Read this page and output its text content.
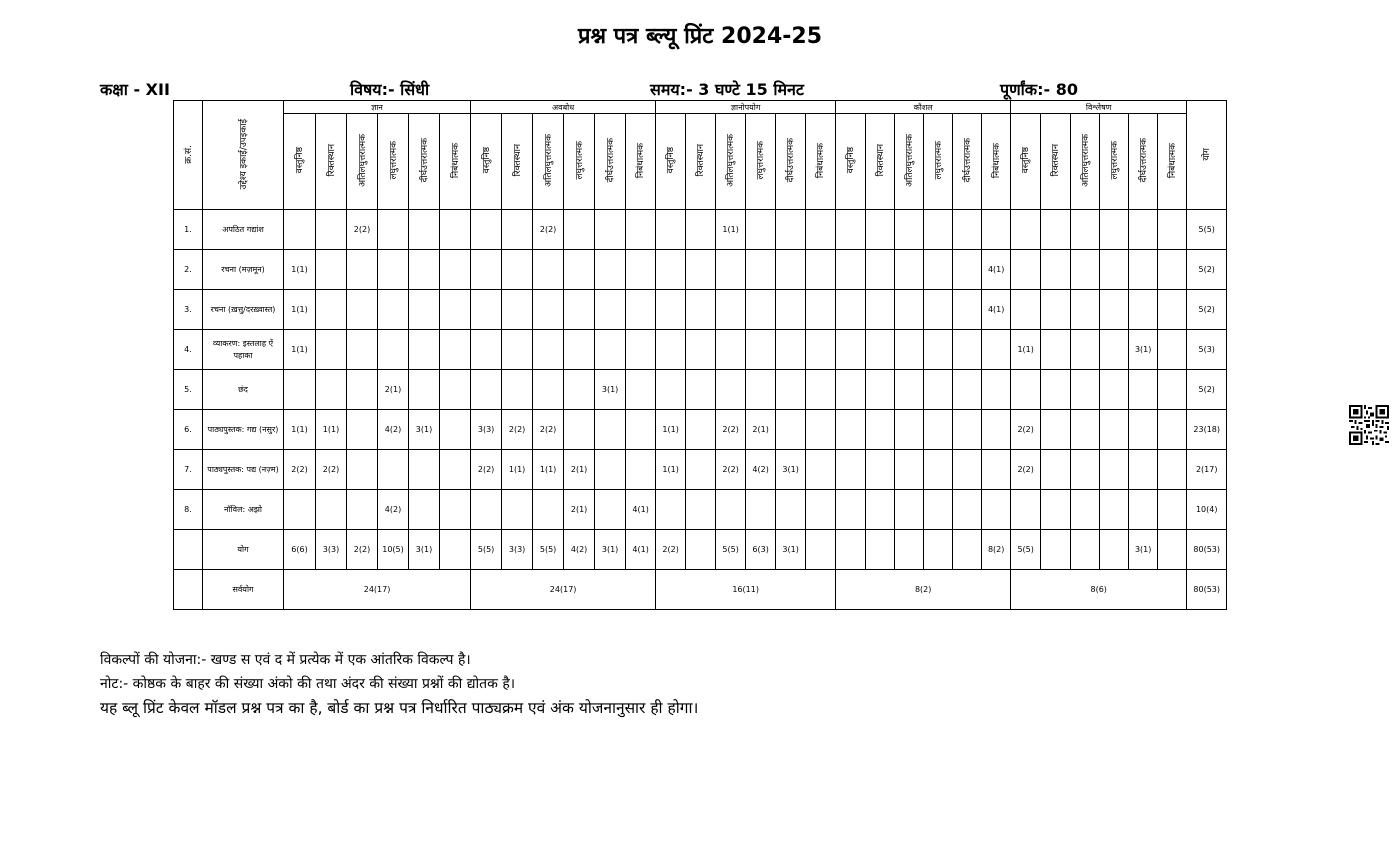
प्रश्न पत्र ब्ल्यू प्रिंट 2024-25
कक्षा - XII	विषय:- सिंधी	समय:- 3 घण्टे 15 मिनट	पूर्णांक:- 80
क्र.सं.	उद्देश्य इकाई/उपइकाई	ज्ञान						अवबोध						ज्ञानोपयोग						कौशल						विश्लेषण						योग
		वस्तुनिष्ठ	रिक्तस्थान	अतिलघुत्तरात्मक	लघुत्तरात्मक	दीर्घउत्तरात्मक	निबंधात्मक	वस्तुनिष्ठ	रिक्तस्थान	अतिलघुत्तरात्मक	लघुत्तरात्मक	दीर्घउत्तरात्मक	निबंधात्मक	वस्तुनिष्ठ	रिक्तस्थान	अतिलघुत्तरात्मक	लघुत्तरात्मक	दीर्घउत्तरात्मक	निबंधात्मक	वस्तुनिष्ठ	रिक्तस्थान	अतिलघुत्तरात्मक	लघुत्तरात्मक	दीर्घउत्तरात्मक	निबंधात्मक	वस्तुनिष्ठ	रिक्तस्थान	अतिलघुत्तरात्मक	लघुत्तरात्मक	दीर्घउत्तरात्मक	निबंधात्मक	
1.	अपठित गद्यांश			2(2)						2(2)						1(1)																5(5)
2.	रचना (मज़मून)	1(1)																							4(1)							5(2)
3.	रचना (ख़त्तु/दरख़्वास्त)	1(1)																							4(1)							5(2)
4.	व्याकरण: इस्तलाह ऐं पहाका	1(1)																								1(1)				3(1)		5(3)
5.	छंद				2(1)							3(1)																				5(2)
6.	पाठ्यपुस्तक: गद्य (नसुर)	1(1)	1(1)		4(2)	3(1)		3(3)	2(2)	2(2)				1(1)		2(2)	2(1)									2(2)						23(18)
7.	पाठ्यपुस्तक: पद्य (नज़्म)	2(2)	2(2)					2(2)	1(1)	1(1)	2(1)			1(1)		2(2)	4(2)	3(1)								2(2)						2(17)
8.	नॉविल: अझो				4(2)						2(1)		4(1)																			10(4)
	योग	6(6)	3(3)	2(2)	10(5)	3(1)		5(5)	3(3)	5(5)	4(2)	3(1)	4(1)	2(2)		5(5)	6(3)	3(1)							8(2)	5(5)				3(1)		80(53)
	सर्वयोग	24(17)						24(17)						16(11)						8(2)						8(6)						80(53)
विकल्पों की योजना:- खण्ड स एवं द में प्रत्येक में एक आंतरिक विकल्प है।
नोट:- कोष्ठक के बाहर की संख्या अंको की तथा अंदर की संख्या प्रश्नों की द्योतक है।
यह ब्लू प्रिंट केवल मॉडल प्रश्न पत्र का है, बोर्ड का प्रश्न पत्र निर्धारित पाठ्यक्रम एवं अंक योजनानुसार ही होगा।
